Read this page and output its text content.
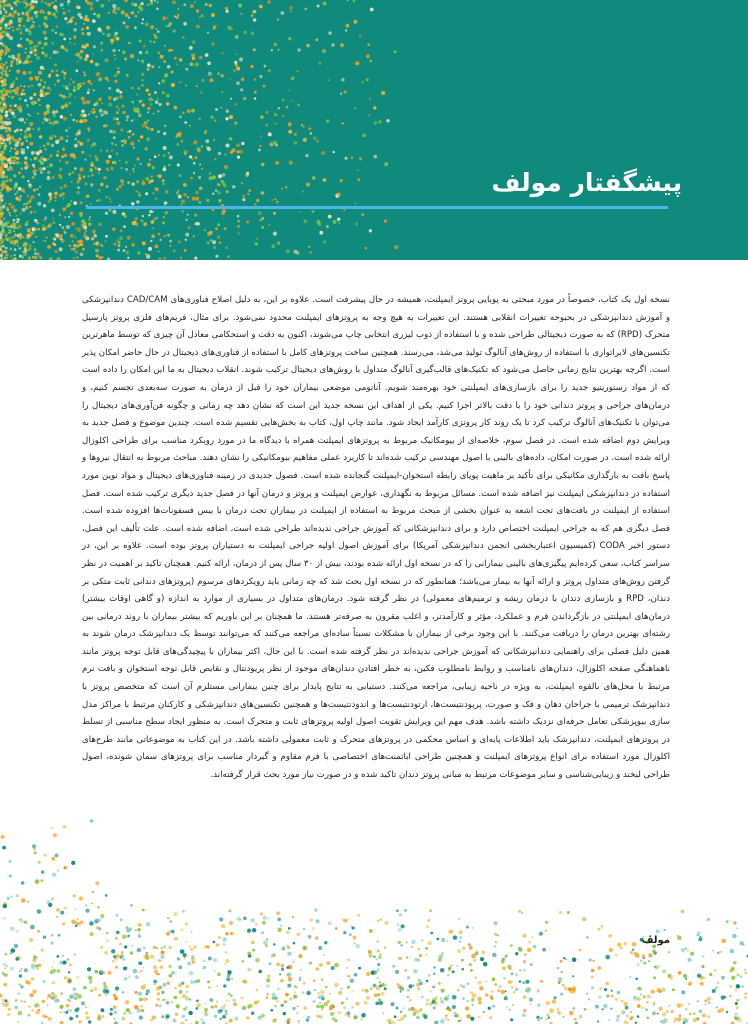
پیشگفتار مولف

نسخه اول یک کتاب، خصوصاً در مورد مبحثی به پویایی پروتز ایمپلنت، همیشه در حال پیشرفت است. علاوه بر این، به دلیل اصلاح فناوری‌های CAD/CAM دندانپزشکی و آموزش دندانپزشکی در بحبوحه تغییرات انقلابی هستند. این تغییرات به هیچ وجه به پروتزهای ایمپلنت محدود نمی‌شود. برای مثال، فریم‌های فلزی پروتز پارسیل متحرک (RPD) که به صورت دیجیتالی طراحی شده و با استفاده از ذوب لیزری انتخابی چاپ می‌شوند، اکنون به دقت و استحکامی معادل آن چیزی که توسط ماهرترین تکنسین‌های لابراتواری با استفاده از روش‌های آنالوگ تولید می‌شد، می‌رسند. همچنین ساخت پروتزهای کامل با استفاده از فناوری‌های دیجیتال در حال حاضر امکان پذیر است. اگرچه بهترین نتایج زمانی حاصل می‌شود که تکنیک‌های قالب‌گیری آنالوگ متداول با روش‌های دیجیتال ترکیب شوند. انقلاب دیجیتال به ما این امکان را داده است که از مواد رستوریتیو جدید را برای بازسازی‌های ایمپلنتی خود بهره‌مند شویم. آناتومی موضعی بیماران خود را قبل از درمان به صورت سه‌بعدی تجسم کنیم، و درمان‌های جراحی و پروتز دندانی خود را با دقت بالاتر اجرا کنیم. یکی از اهداف این نسخه جدید این است که نشان دهد چه زمانی و چگونه فن‌آوری‌های دیجیتال را می‌توان با تکنیک‌های آنالوگ ترکیب کرد تا یک روند کار پروتزی کارآمد ایجاد شود. مانند چاپ اول، کتاب به بخش‌هایی تقسیم شده است. چندین موضوع و فصل جدید به ویرایش دوم اضافه شده است. در فصل سوم، خلاصه‌ای از بیومکانیک مربوط به پروتزهای ایمپلنت همراه با دیدگاه ما در مورد رویکرد مناسب برای طراحی اکلوزال ارائه شده است. در صورت امکان، داده‌های بالینی با اصول مهندسی ترکیب شده‌اند تا کاربرد عملی مفاهیم بیومکانیکی را نشان دهند. مباحث مربوط به انتقال نیروها و پاسخ بافت به بارگذاری مکانیکی برای تأکید بر ماهیت پویای رابطه استخوان-ایمپلنت گنجانده شده است. فصول جدیدی در زمینه فناوری‌های دیجیتال و مواد نوین مورد استفاده در دندانپزشکی ایمپلنت نیز اضافه شده است. مسائل مربوط به نگهداری، عوارض ایمپلنت و پروتز و درمان آنها در فصل جدید دیگری ترکیب شده است. فصل استفاده از ایمپلنت در بافت‌های تحت اشعه به عنوان بخشی از مبحث مربوط به استفاده از ایمپلنت در بیماران تحت درمان با بیس فسفونات‌ها افزوده شده است. فصل دیگری هم که به جراحی ایمپلنت اختصاص دارد و برای دندانپزشکانی که آموزش جراحی ندیده‌اند طراحی شده است، اضافه شده است. علت تألیف این فصل، دستور اخیر CODA (کمیسیون اعتباربخشی انجمن دندانپزشکی آمریکا) برای آموزش اصول اولیه جراحی ایمپلنت به دستیاران پروتز بوده است. علاوه بر این، در سراسر کتاب، سعی کرده‌ایم پیگیری‌های بالینی بیمارانی را که در نسخه اول ارائه شده بودند، بیش از ۳۰ سال پس از درمان، ارائه کنیم. همچنان تاکید بر اهمیت در نظر گرفتن روش‌های متداول پروتز و ارائه آنها به بیمار می‌باشد؛ همانطور که در نسخه اول بحث شد که چه زمانی باید رویکردهای مرسوم (پروتزهای دندانی ثابت متکی بر دندان، RPD و بازسازی دندان با درمان ریشه و ترمیم‌های معمولی) در نظر گرفته شود. درمان‌های متداول در بسیاری از موارد به اندازه (و گاهی اوقات بیشتر) درمان‌های ایمپلنتی در بازگرداندن فرم و عملکرد، مؤثر و کارآمدتر، و اغلب مقرون به صرفه‌تر هستند. ما همچنان بر این باوریم که بیشتر بیماران با روند درمانی بین رشته‌ای بهترین درمان را دریافت می‌کنند. با این وجود برخی از بیماران با مشکلات نسبتاً ساده‌ای مراجعه می‌کنند که می‌توانند توسط یک دندانپزشک درمان شوند به همین دلیل فصلی برای راهنمایی دندانپزشکانی که آموزش جراحی ندیده‌اند در نظر گرفته شده است. با این حال، اکثر بیماران با پیچیدگی‌های قابل توجه پروتز مانند ناهماهنگی صفحه اکلوزال، دندان‌های نامناسب و روابط نامطلوب فکین، به خطر افتادن دندان‌های موجود از نظر پریودنتال و نقایص قابل توجه استخوان و بافت نرم مرتبط با محل‌های بالقوه ایمپلنت، به ویژه در ناحیه زیبایی، مراجعه می‌کنند. دستیابی به نتایج پایدار برای چنین بیمارانی مستلزم آن است که متخصص پروتز یا دندانپزشک ترمیمی با جراحان دهان و فک و صورت، پریودنتیست‌ها، ارتودنتیست‌ها و اندودنتیست‌ها و همچنین تکنسین‌های دندانپزشکی و کارکنان مرتبط با مراکز مدل سازی بیوپزشکی تعامل حرفه‌ای نزدیک داشته باشد. هدف مهم این ویرایش تقویت اصول اولیه پروتزهای ثابت و متحرک است. به منظور ایجاد سطح مناسبی از تسلط در پروتزهای ایمپلنت، دندانپزشک باید اطلاعات پایه‌ای و اساس محکمی در پروتزهای متحرک و ثابت معمولی داشته باشد. در این کتاب به موضوعاتی مانند طرح‌های اکلوزال مورد استفاده برای انواع پروتزهای ایمپلنت و همچنین طراحی اباتمنت‌های اختصاصی با فرم مقاوم و گیردار مناسب برای پروتزهای سمان شونده، اصول طراحی لبخند و زیبایی‌شناسی و سایر موضوعات مرتبط به مبانی پروتز دندان تاکید شده و در صورت نیاز مورد بحث قرار گرفته‌اند.

مولف
